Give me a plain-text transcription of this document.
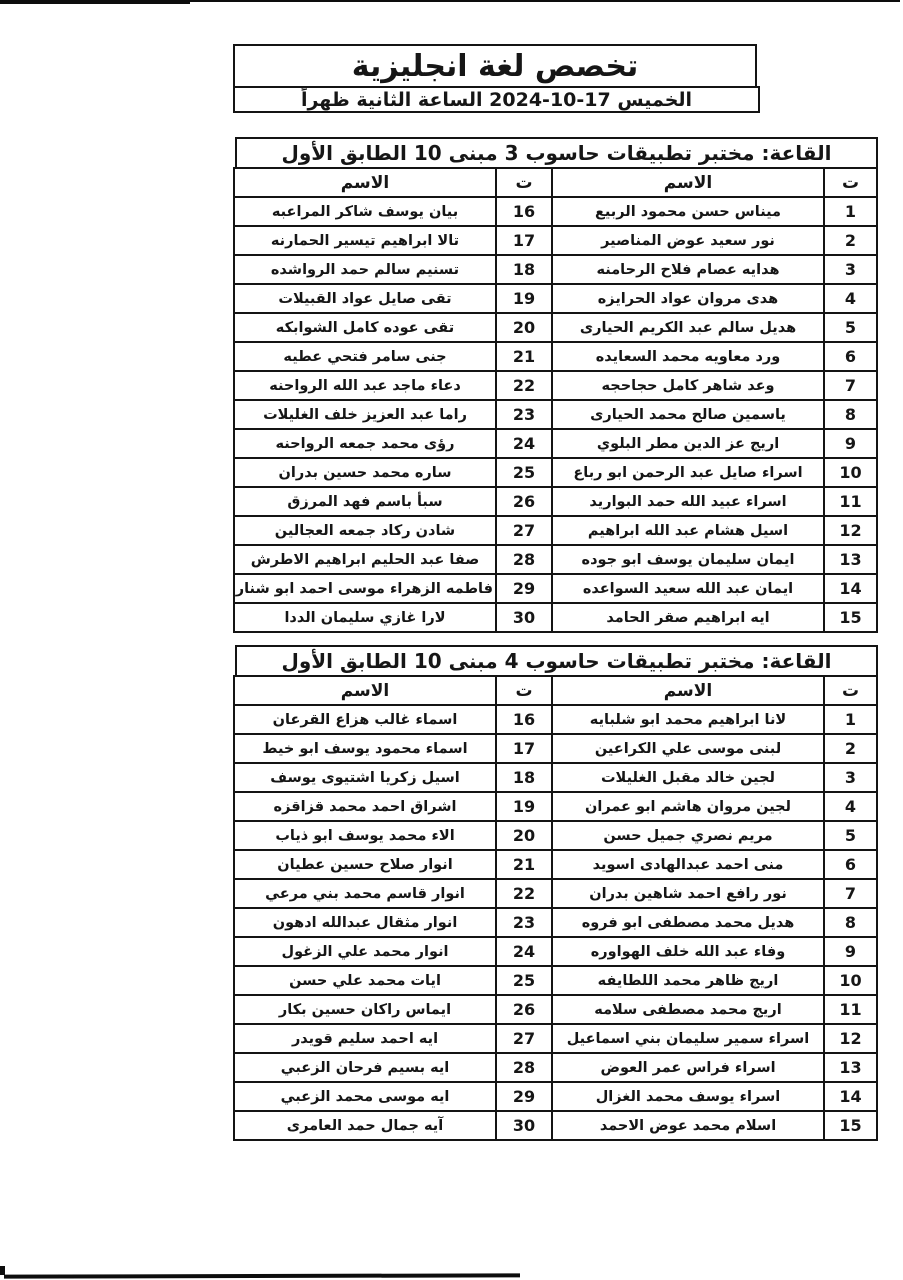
تخصص لغة انجليزية
الخميس 17-10-2024 الساعة الثانية ظهراً
القاعة: مختبر تطبيقات حاسوب 3 مبنى 10 الطابق الأول
ت	الاسم	ت	الاسم
1	ميناس حسن محمود الربيع	16	بيان يوسف شاكر المراعبه
2	نور سعيد عوض المناصير	17	تالا ابراهيم تيسير الحمارنه
3	هدايه عصام فلاح الرحامنه	18	تسنيم سالم حمد الرواشده
4	هدى مروان عواد الحرايزه	19	تقى صايل عواد القبيلات
5	هديل سالم عبد الكريم الحيارى	20	تقى عوده كامل الشوابكه
6	ورد معاويه محمد السعايده	21	جنى سامر فتحي عطيه
7	وعد شاهر كامل حجاحجه	22	دعاء ماجد عبد الله الرواحنه
8	ياسمين صالح محمد الحيارى	23	راما عبد العزيز خلف الغليلات
9	اريج عز الدين مطر البلوي	24	رؤى محمد جمعه الرواحنه
10	اسراء صايل عبد الرحمن ابو رباع	25	ساره محمد حسين بدران
11	اسراء عبيد الله حمد البواريد	26	سبأ باسم فهد المرزق
12	اسيل هشام عبد الله ابراهيم	27	شادن ركاد جمعه العجالين
13	ايمان سليمان يوسف ابو جوده	28	صفا عبد الحليم ابراهيم الاطرش
14	ايمان عبد الله سعيد السواعده	29	فاطمه الزهراء موسى احمد ابو شنار
15	ايه ابراهيم صقر الحامد	30	لارا غازي سليمان الددا
القاعة: مختبر تطبيقات حاسوب 4 مبنى 10 الطابق الأول
ت	الاسم	ت	الاسم
1	لانا ابراهيم محمد ابو شلبايه	16	اسماء غالب هزاع القرعان
2	لبنى موسى علي الكراعين	17	اسماء محمود يوسف ابو خيط
3	لجين خالد مقبل الغليلات	18	اسيل زكريا اشتيوى يوسف
4	لجين مروان هاشم ابو عمران	19	اشراق احمد محمد قزاقزه
5	مريم نصري جميل حسن	20	الاء محمد يوسف ابو ذياب
6	منى احمد عبدالهادى اسويد	21	انوار صلاح حسين عطيان
7	نور رافع احمد شاهين بدران	22	انوار قاسم محمد بني مرعي
8	هديل محمد مصطفى ابو فروه	23	انوار مثقال عبدالله ادهون
9	وفاء عبد الله خلف الهواوره	24	انوار محمد علي الزغول
10	اريج ظاهر محمد اللطايفه	25	ايات محمد علي حسن
11	اريج محمد مصطفى سلامه	26	ايماس راكان حسين بكار
12	اسراء سمير سليمان بني اسماعيل	27	ايه احمد سليم قويدر
13	اسراء فراس عمر العوض	28	ايه بسيم فرحان الزعبي
14	اسراء يوسف محمد الغزال	29	ايه موسى محمد الزعبي
15	اسلام محمد عوض الاحمد	30	آيه جمال حمد العامرى
